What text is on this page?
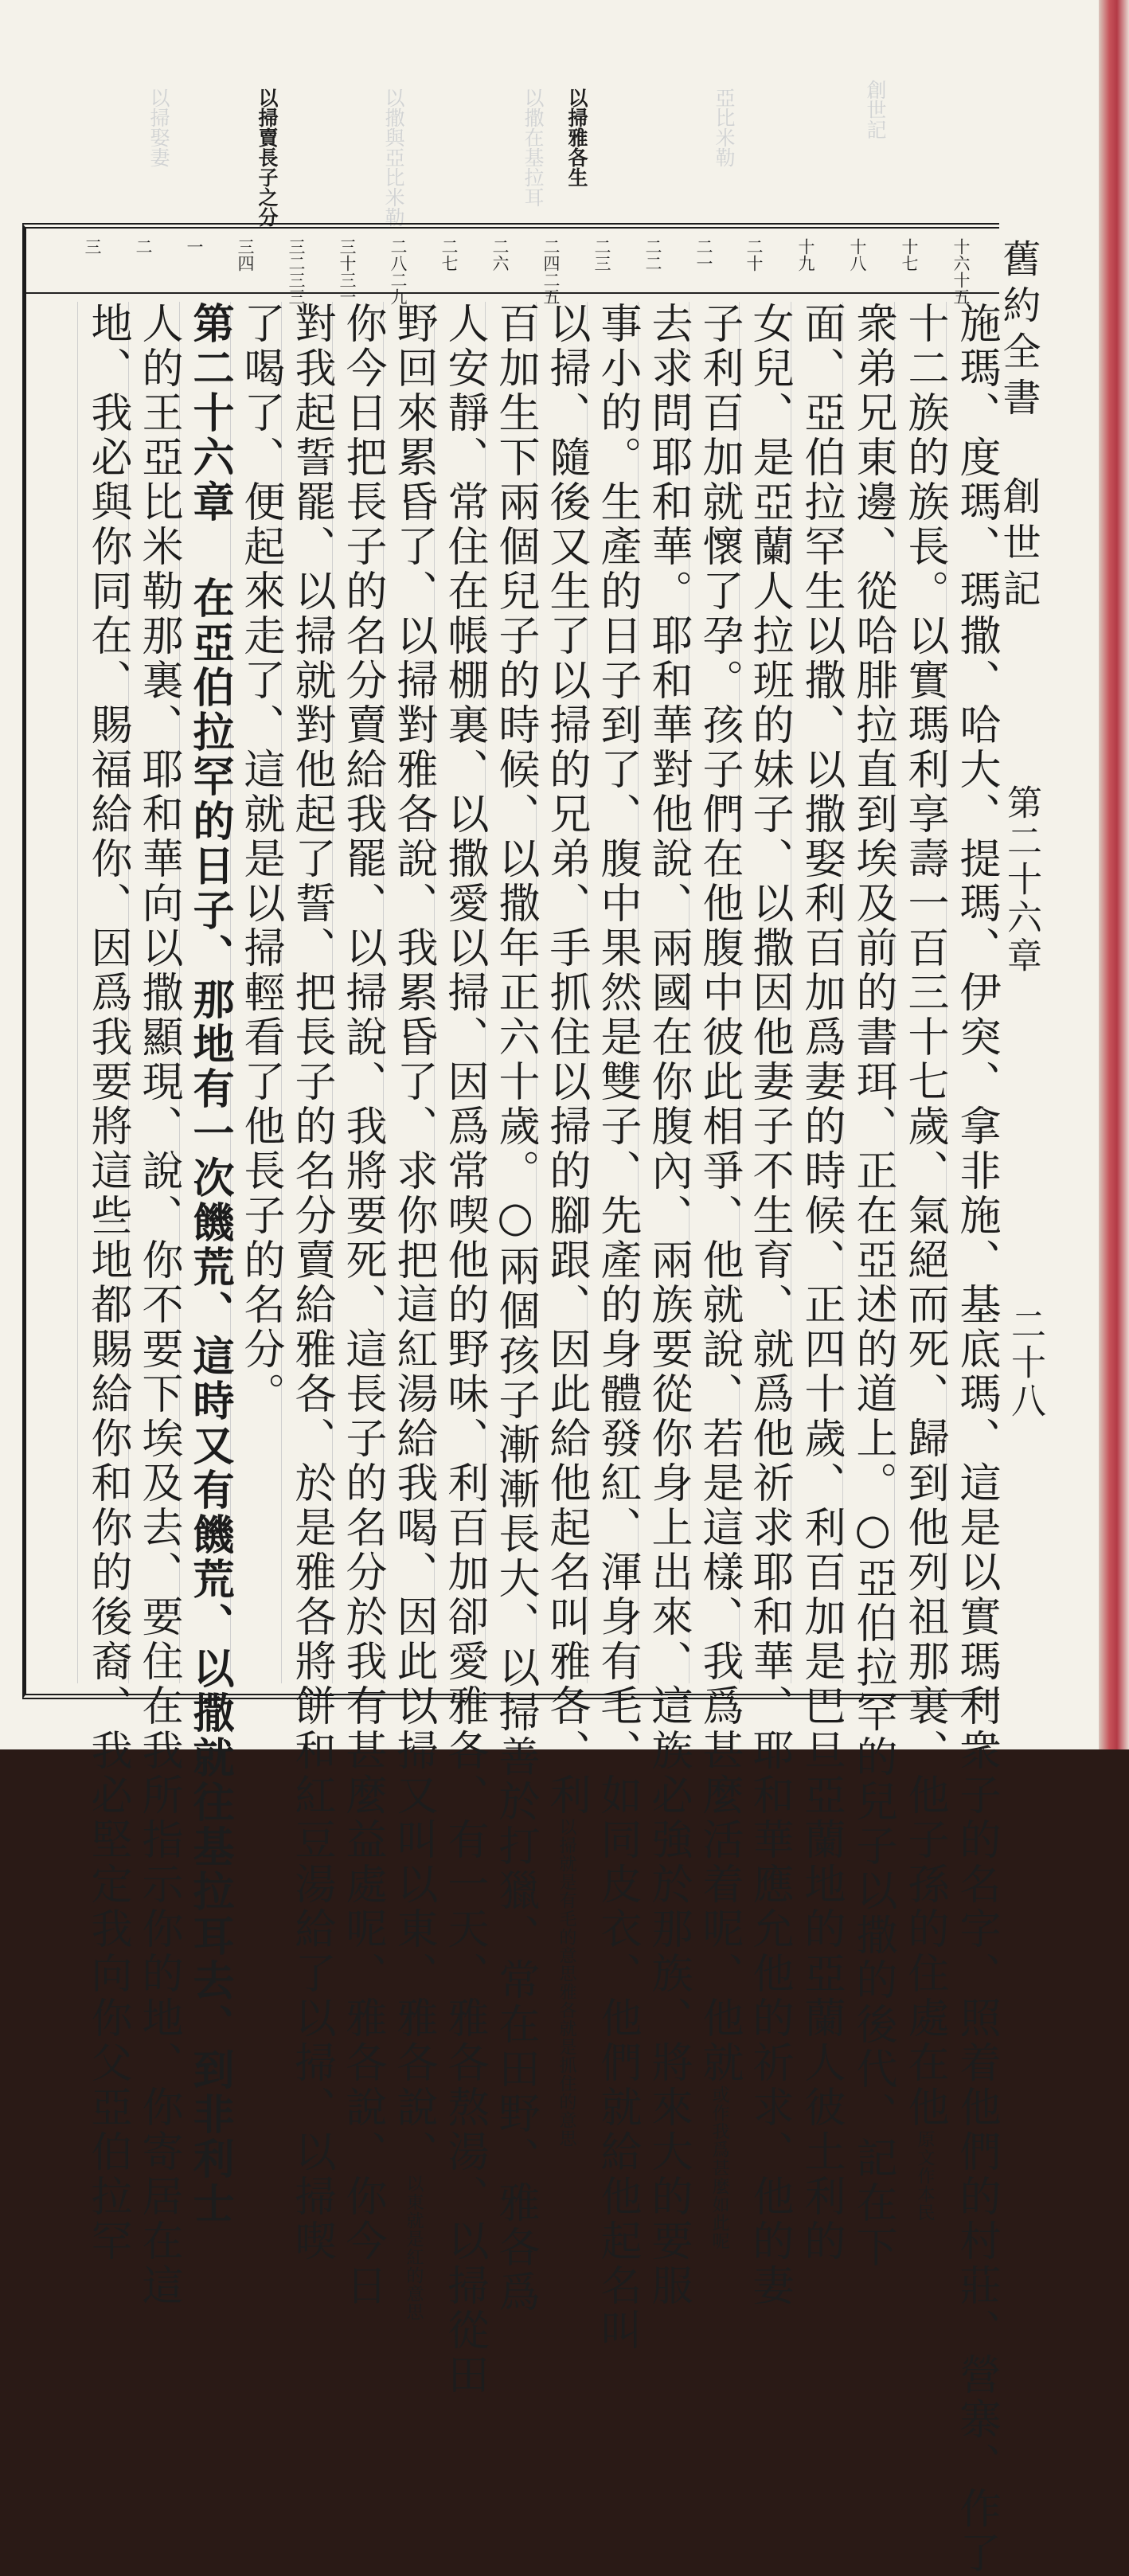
創世記
亞比米勒
以撒在基拉耳
以撒與亞比米勒
以掃娶妻	以掃賣長子之分	以掃雅各生
舊約全書 創世記
第二十六章
二十八
十六十五
十七
十八
十九
二十
二一
二二
二三
二四二五
二六
二七
二八二九
三十三一
三二三三
三四
一
二
三
施瑪、度瑪、瑪撒、哈大、提瑪、伊突、拿非施、基底瑪、這是以實瑪利衆子的名字、照着他們的村莊、營寨、作了
十二族的族長。以實瑪利享壽一百三十七歲、氣絕而死、歸到他列祖那裏、他子孫的住處在他原文作本民
衆弟兄東邊、從哈腓拉直到埃及前的書珥、正在亞述的道上。○亞伯拉罕的兒子以撒的後代、記在下
面、亞伯拉罕生以撒、以撒娶利百加爲妻的時候、正四十歲、利百加是巴旦亞蘭地的亞蘭人彼土利的
女兒、是亞蘭人拉班的妹子、以撒因他妻子不生育、就爲他祈求耶和華、耶和華應允他的祈求、他的妻
子利百加就懷了孕。孩子們在他腹中彼此相爭、他就說、若是這樣、我爲甚麼活着呢、他就或作我爲甚麼如此呢
去求問耶和華。耶和華對他說、兩國在你腹內、兩族要從你身上出來、這族必強於那族、將來大的要服
事小的。生產的日子到了、腹中果然是雙子、先產的身體發紅、渾身有毛、如同皮衣、他們就給他起名叫
以掃、隨後又生了以掃的兄弟、手抓住以掃的腳跟、因此給他起名叫雅各、利以掃就是有毛的意思雅各就是抓住的意思
百加生下兩個兒子的時候、以撒年正六十歲。○兩個孩子漸漸長大、以掃善於打獵、常在田野、雅各爲
人安靜、常住在帳棚裏、以撒愛以掃、因爲常喫他的野味、利百加卻愛雅各、有一天、雅各熬湯、以掃從田
野回來累昏了、以掃對雅各說、我累昏了、求你把這紅湯給我喝、因此以掃又叫以東、雅各說、以東就是紅的意思
你今日把長子的名分賣給我罷、以掃說、我將要死、這長子的名分於我有甚麼益處呢、雅各說、你今日
對我起誓罷、以掃就對他起了誓、把長子的名分賣給雅各、於是雅各將餅和紅豆湯給了以掃、以掃喫
了喝了、便起來走了、這就是以掃輕看了他長子的名分。
第二十六章 在亞伯拉罕的日子、那地有一次饑荒、這時又有饑荒、以撒就往基拉耳去、到非利士
人的王亞比米勒那裏、耶和華向以撒顯現、說、你不要下埃及去、要住在我所指示你的地、你寄居在這
地、我必與你同在、賜福給你、因爲我要將這些地都賜給你和你的後裔、我必堅定我向你父亞伯拉罕
